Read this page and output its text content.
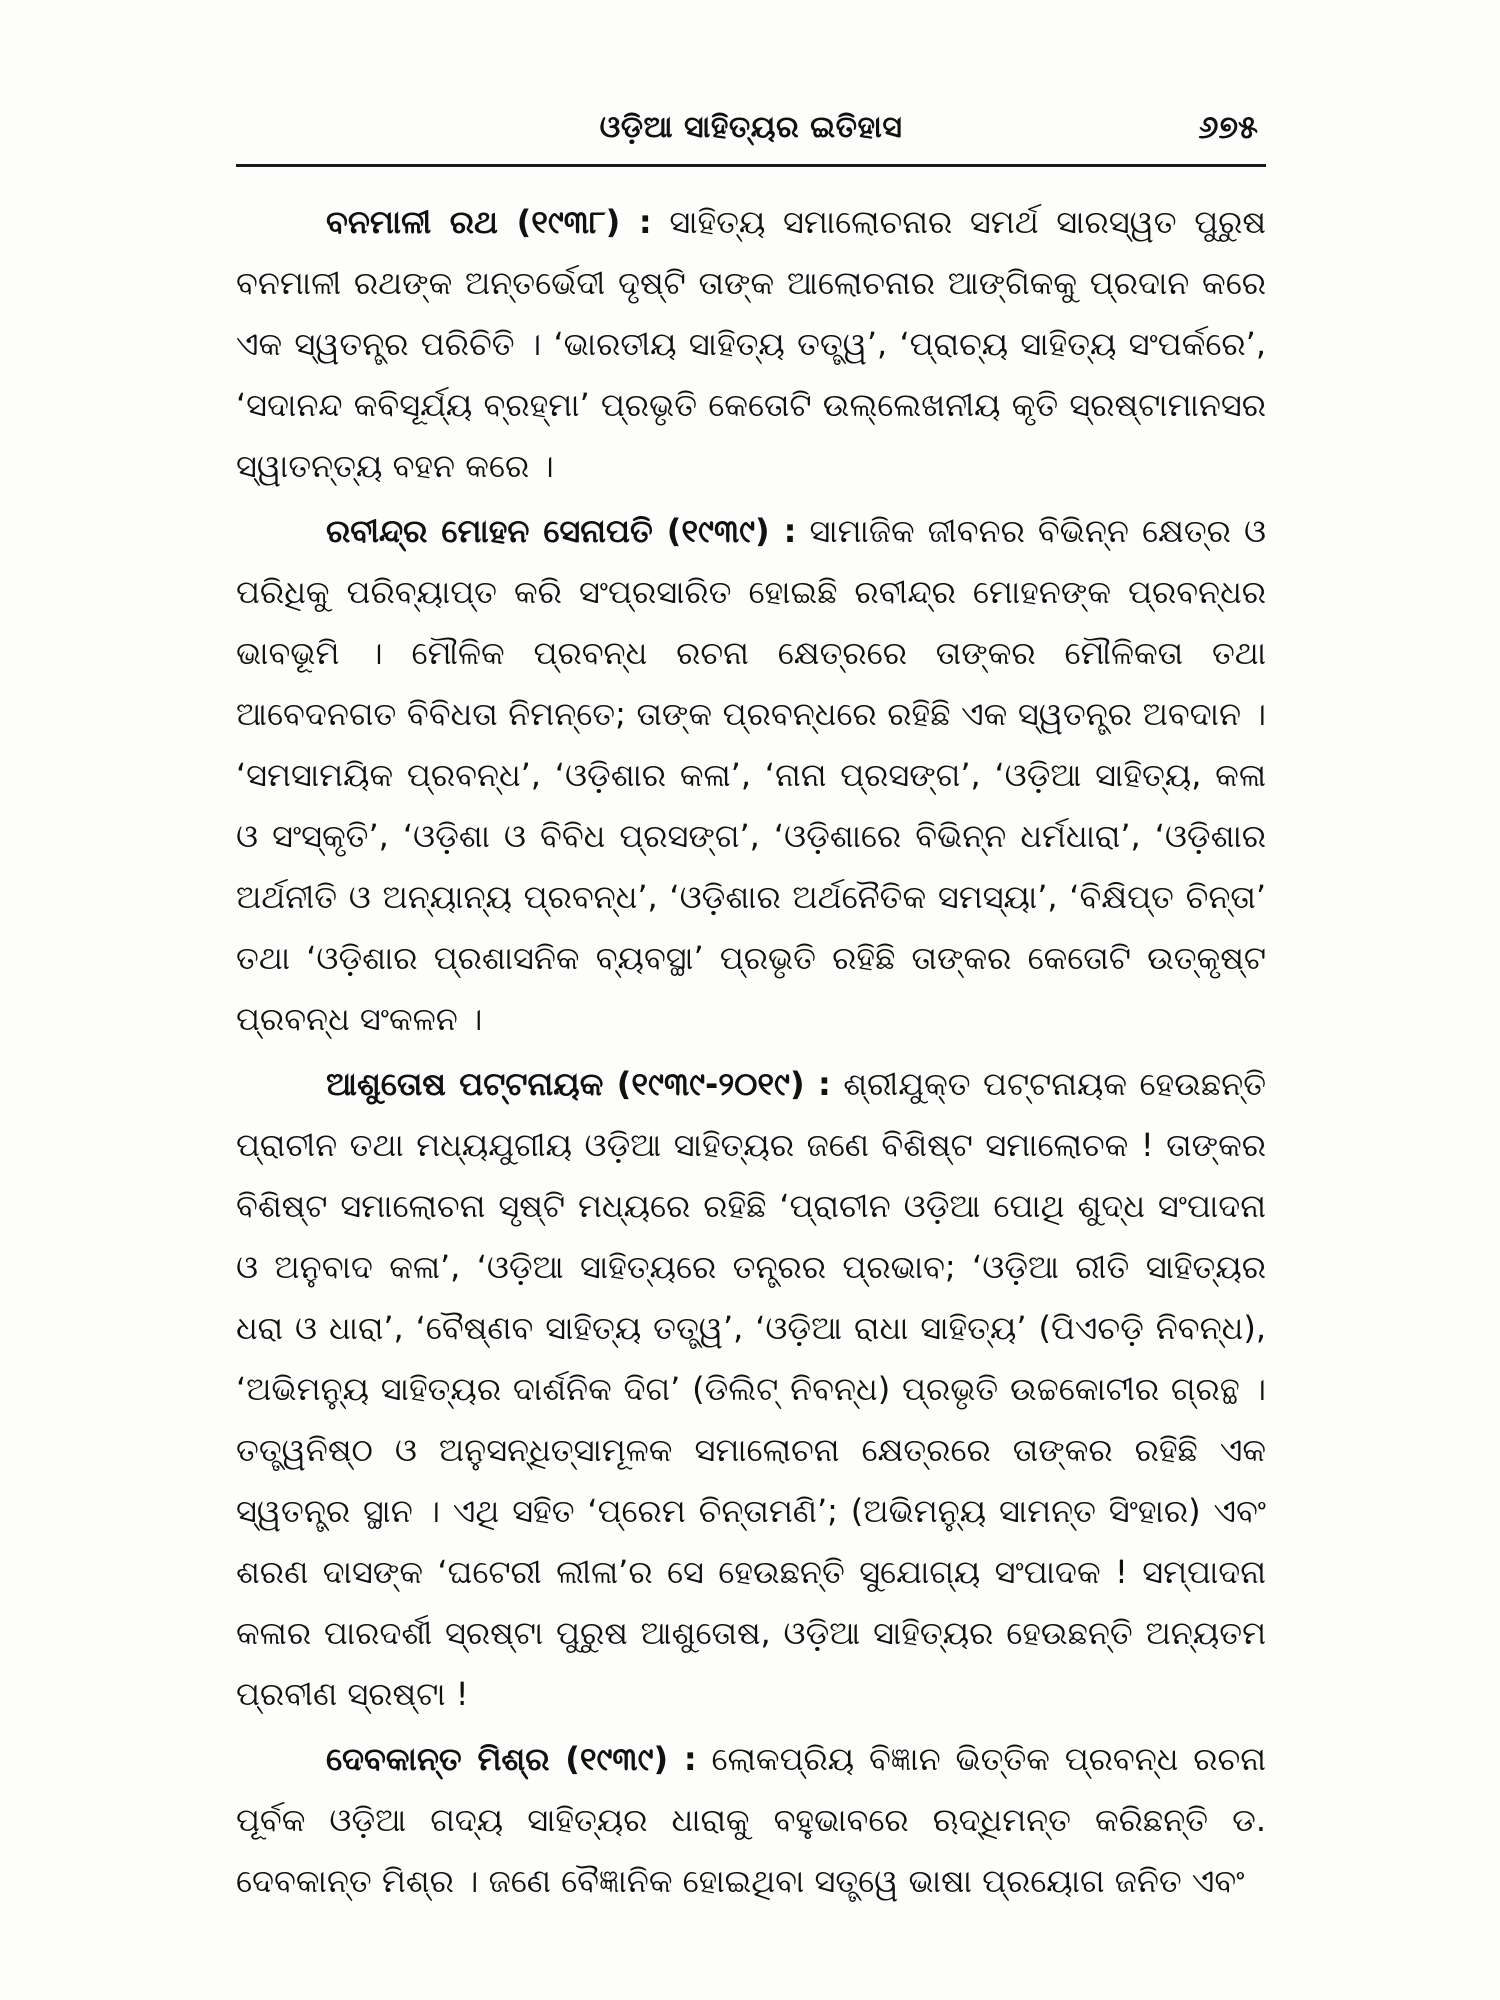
ଓଡ଼ିଆ ସାହିତ୍ୟର ଇତିହାସ	୬୭୫

ବନମାଳୀ ରଥ (୧୯୩୮) : ସାହିତ୍ୟ ସମାଲୋଚନାର ସମର୍ଥ ସାରସ୍ୱତ ପୁରୁଷ ବନମାଳୀ ରଥଙ୍କ ଅନ୍ତର୍ଭେଦୀ ଦୃଷ୍ଟି ତାଙ୍କ ଆଲୋଚନାର ଆଙ୍ଗିକକୁ ପ୍ରଦାନ କରେ ଏକ ସ୍ୱତନ୍ତ୍ର ପରିଚିତି । ‘ଭାରତୀୟ ସାହିତ୍ୟ ତତ୍ତ୍ୱ’, ‘ପ୍ରାଚ୍ୟ ସାହିତ୍ୟ ସଂପର୍କରେ’, ‘ସଦାନନ୍ଦ କବିସୂର୍ଯ୍ୟ ବ୍ରହ୍ମା’ ପ୍ରଭୃତି କେତୋଟି ଉଲ୍ଲେଖନୀୟ କୃତି ସ୍ରଷ୍ଟାମାନସର ସ୍ୱାତନ୍ତ୍ୟ ବହନ କରେ ।

ରବୀନ୍ଦ୍ର ମୋହନ ସେନାପତି (୧୯୩୯) : ସାମାଜିକ ଜୀବନର ବିଭିନ୍ନ କ୍ଷେତ୍ର ଓ ପରିଧିକୁ ପରିବ୍ୟାପ୍ତ କରି ସଂପ୍ରସାରିତ ହୋଇଛି ରବୀନ୍ଦ୍ର ମୋହନଙ୍କ ପ୍ରବନ୍ଧର ଭାବଭୂମି । ମୌଳିକ ପ୍ରବନ୍ଧ ରଚନା କ୍ଷେତ୍ରରେ ତାଙ୍କର ମୌଳିକତା ତଥା ଆବେଦନଗତ ବିବିଧତା ନିମନ୍ତେ; ତାଙ୍କ ପ୍ରବନ୍ଧରେ ରହିଛି ଏକ ସ୍ୱତନ୍ତ୍ର ଅବଦାନ । ‘ସମସାମୟିକ ପ୍ରବନ୍ଧ’, ‘ଓଡ଼ିଶାର କଳା’, ‘ନାନା ପ୍ରସଙ୍ଗ’, ‘ଓଡ଼ିଆ ସାହିତ୍ୟ, କଳା ଓ ସଂସ୍କୃତି’, ‘ଓଡ଼ିଶା ଓ ବିବିଧ ପ୍ରସଙ୍ଗ’, ‘ଓଡ଼ିଶାରେ ବିଭିନ୍ନ ଧର୍ମଧାରା’, ‘ଓଡ଼ିଶାର ଅର୍ଥନୀତି ଓ ଅନ୍ୟାନ୍ୟ ପ୍ରବନ୍ଧ’, ‘ଓଡ଼ିଶାର ଅର୍ଥନୈତିକ ସମସ୍ୟା’, ‘ବିକ୍ଷିପ୍ତ ଚିନ୍ତା’ ତଥା ‘ଓଡ଼ିଶାର ପ୍ରଶାସନିକ ବ୍ୟବସ୍ଥା’ ପ୍ରଭୃତି ରହିଛି ତାଙ୍କର କେତୋଟି ଉତ୍କୃଷ୍ଟ ପ୍ରବନ୍ଧ ସଂକଳନ ।

ଆଶୁତୋଷ ପଟ୍ଟନାୟକ (୧୯୩୯-୨୦୧୯) : ଶ୍ରୀଯୁକ୍ତ ପଟ୍ଟନାୟକ ହେଉଛନ୍ତି ପ୍ରାଚୀନ ତଥା ମଧ୍ୟଯୁଗୀୟ ଓଡ଼ିଆ ସାହିତ୍ୟର ଜଣେ ବିଶିଷ୍ଟ ସମାଲୋଚକ ! ତାଙ୍କର ବିଶିଷ୍ଟ ସମାଲୋଚନା ସୃଷ୍ଟି ମଧ୍ୟରେ ରହିଛି ‘ପ୍ରାଚୀନ ଓଡ଼ିଆ ପୋଥି ଶୁଦ୍ଧ ସଂପାଦନା ଓ ଅନୁବାଦ କଳା’, ‘ଓଡ଼ିଆ ସାହିତ୍ୟରେ ତନ୍ତ୍ରର ପ୍ରଭାବ; ‘ଓଡ଼ିଆ ରୀତି ସାହିତ୍ୟର ଧରା ଓ ଧାରା’, ‘ବୈଷ୍ଣବ ସାହିତ୍ୟ ତତ୍ତ୍ୱ’, ‘ଓଡ଼ିଆ ରାଧା ସାହିତ୍ୟ’ (ପିଏଚଡ଼ି ନିବନ୍ଧ), ‘ଅଭିମନ୍ୟୁ ସାହିତ୍ୟର ଦାର୍ଶନିକ ଦିଗ’ (ଡିଲିଟ୍ ନିବନ୍ଧ) ପ୍ରଭୃତି ଉଚ୍ଚକୋଟୀର ଗ୍ରନ୍ଥ । ତତ୍ତ୍ୱନିଷ୍ଠ ଓ ଅନୁସନ୍ଧିତ୍ସାମୂଳକ ସମାଲୋଚନା କ୍ଷେତ୍ରରେ ତାଙ୍କର ରହିଛି ଏକ ସ୍ୱତନ୍ତ୍ର ସ୍ଥାନ । ଏଥି ସହିତ ‘ପ୍ରେମ ଚିନ୍ତାମଣି’; (ଅଭିମନ୍ୟୁ ସାମନ୍ତ ସିଂହାର) ଏବଂ ଶରଣ ଦାସଙ୍କ ‘ଘଟେରୀ ଲୀଳା’ର ସେ ହେଉଛନ୍ତି ସୁଯୋଗ୍ୟ ସଂପାଦକ ! ସମ୍ପାଦନା କଳାର ପାରଦର୍ଶୀ ସ୍ରଷ୍ଟା ପୁରୁଷ ଆଶୁତୋଷ, ଓଡ଼ିଆ ସାହିତ୍ୟର ହେଉଛନ୍ତି ଅନ୍ୟତମ ପ୍ରବୀଣ ସ୍ରଷ୍ଟା !

ଦେବକାନ୍ତ ମିଶ୍ର (୧୯୩୯) : ଲୋକପ୍ରିୟ ବିଜ୍ଞାନ ଭିତ୍ତିକ ପ୍ରବନ୍ଧ ରଚନା ପୂର୍ବକ ଓଡ଼ିଆ ଗଦ୍ୟ ସାହିତ୍ୟର ଧାରାକୁ ବହୁଭାବରେ ଋଦ୍ଧିମନ୍ତ କରିଛନ୍ତି ଡ. ଦେବକାନ୍ତ ମିଶ୍ର । ଜଣେ ବୈଜ୍ଞାନିକ ହୋଇଥିବା ସତ୍ତ୍ୱେ ଭାଷା ପ୍ରୟୋଗ ଜନିତ ଏବଂ
